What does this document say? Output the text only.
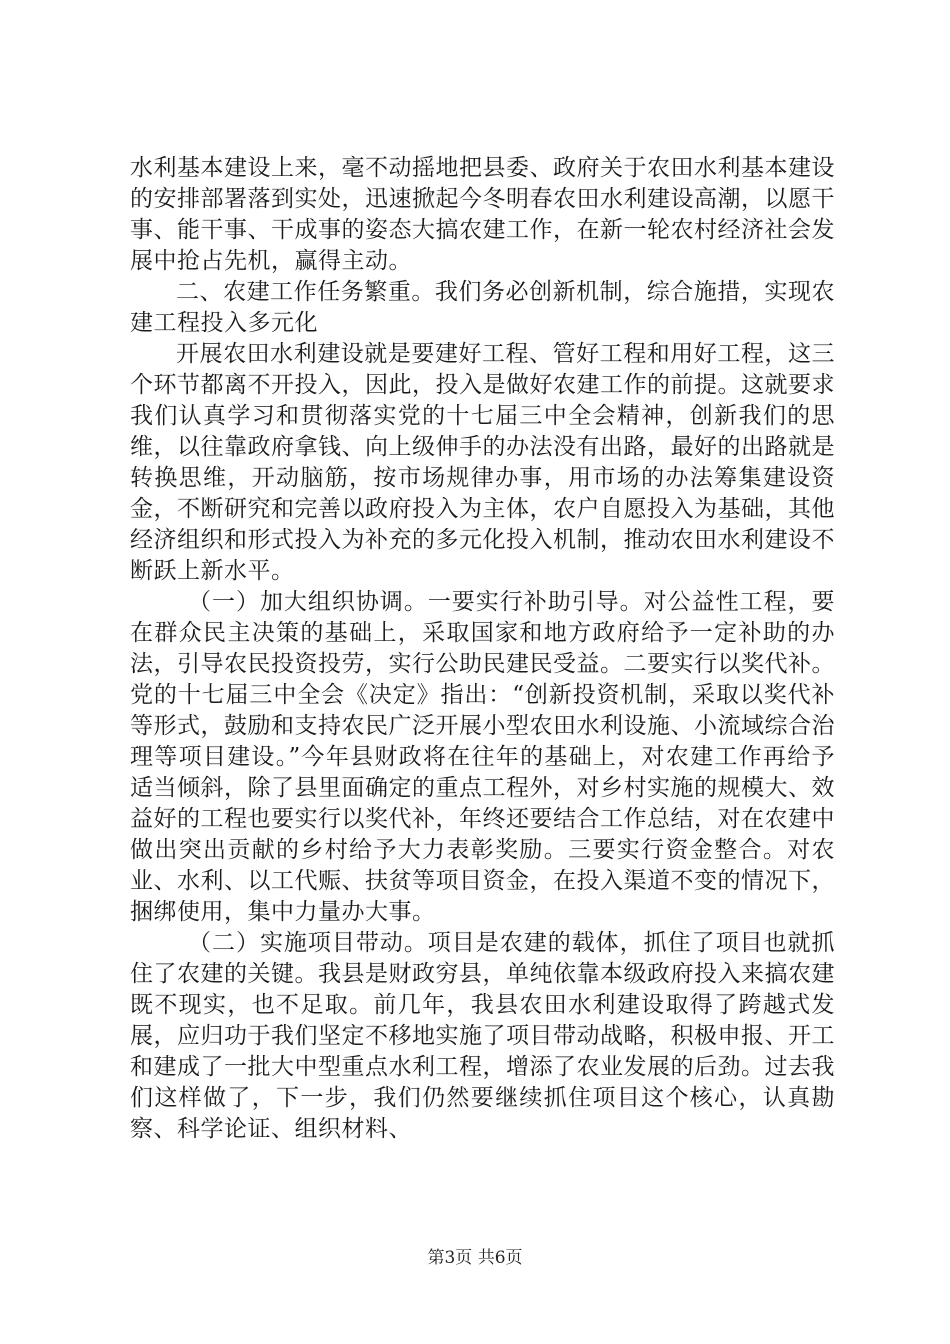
水利基本建设上来，毫不动摇地把县委、政府关于农田水利基本建设的安排部署落到实处，迅速掀起今冬明春农田水利建设高潮，以愿干事、能干事、干成事的姿态大搞农建工作，在新一轮农村经济社会发展中抢占先机，赢得主动。

二、农建工作任务繁重。我们务必创新机制，综合施措，实现农建工程投入多元化

开展农田水利建设就是要建好工程、管好工程和用好工程，这三个环节都离不开投入，因此，投入是做好农建工作的前提。这就要求我们认真学习和贯彻落实党的十七届三中全会精神，创新我们的思维，以往靠政府拿钱、向上级伸手的办法没有出路，最好的出路就是转换思维，开动脑筋，按市场规律办事，用市场的办法筹集建设资金，不断研究和完善以政府投入为主体，农户自愿投入为基础，其他经济组织和形式投入为补充的多元化投入机制，推动农田水利建设不断跃上新水平。

（一）加大组织协调。一要实行补助引导。对公益性工程，要在群众民主决策的基础上，采取国家和地方政府给予一定补助的办法，引导农民投资投劳，实行公助民建民受益。二要实行以奖代补。党的十七届三中全会《决定》指出：“创新投资机制，采取以奖代补等形式，鼓励和支持农民广泛开展小型农田水利设施、小流域综合治理等项目建设。”今年县财政将在往年的基础上，对农建工作再给予适当倾斜，除了县里面确定的重点工程外，对乡村实施的规模大、效益好的工程也要实行以奖代补，年终还要结合工作总结，对在农建中做出突出贡献的乡村给予大力表彰奖励。三要实行资金整合。对农业、水利、以工代赈、扶贫等项目资金，在投入渠道不变的情况下，捆绑使用，集中力量办大事。

（二）实施项目带动。项目是农建的载体，抓住了项目也就抓住了农建的关键。我县是财政穷县，单纯依靠本级政府投入来搞农建既不现实，也不足取。前几年，我县农田水利建设取得了跨越式发展，应归功于我们坚定不移地实施了项目带动战略，积极申报、开工和建成了一批大中型重点水利工程，增添了农业发展的后劲。过去我们这样做了，下一步，我们仍然要继续抓住项目这个核心，认真勘察、科学论证、组织材料、

第3页 共6页
